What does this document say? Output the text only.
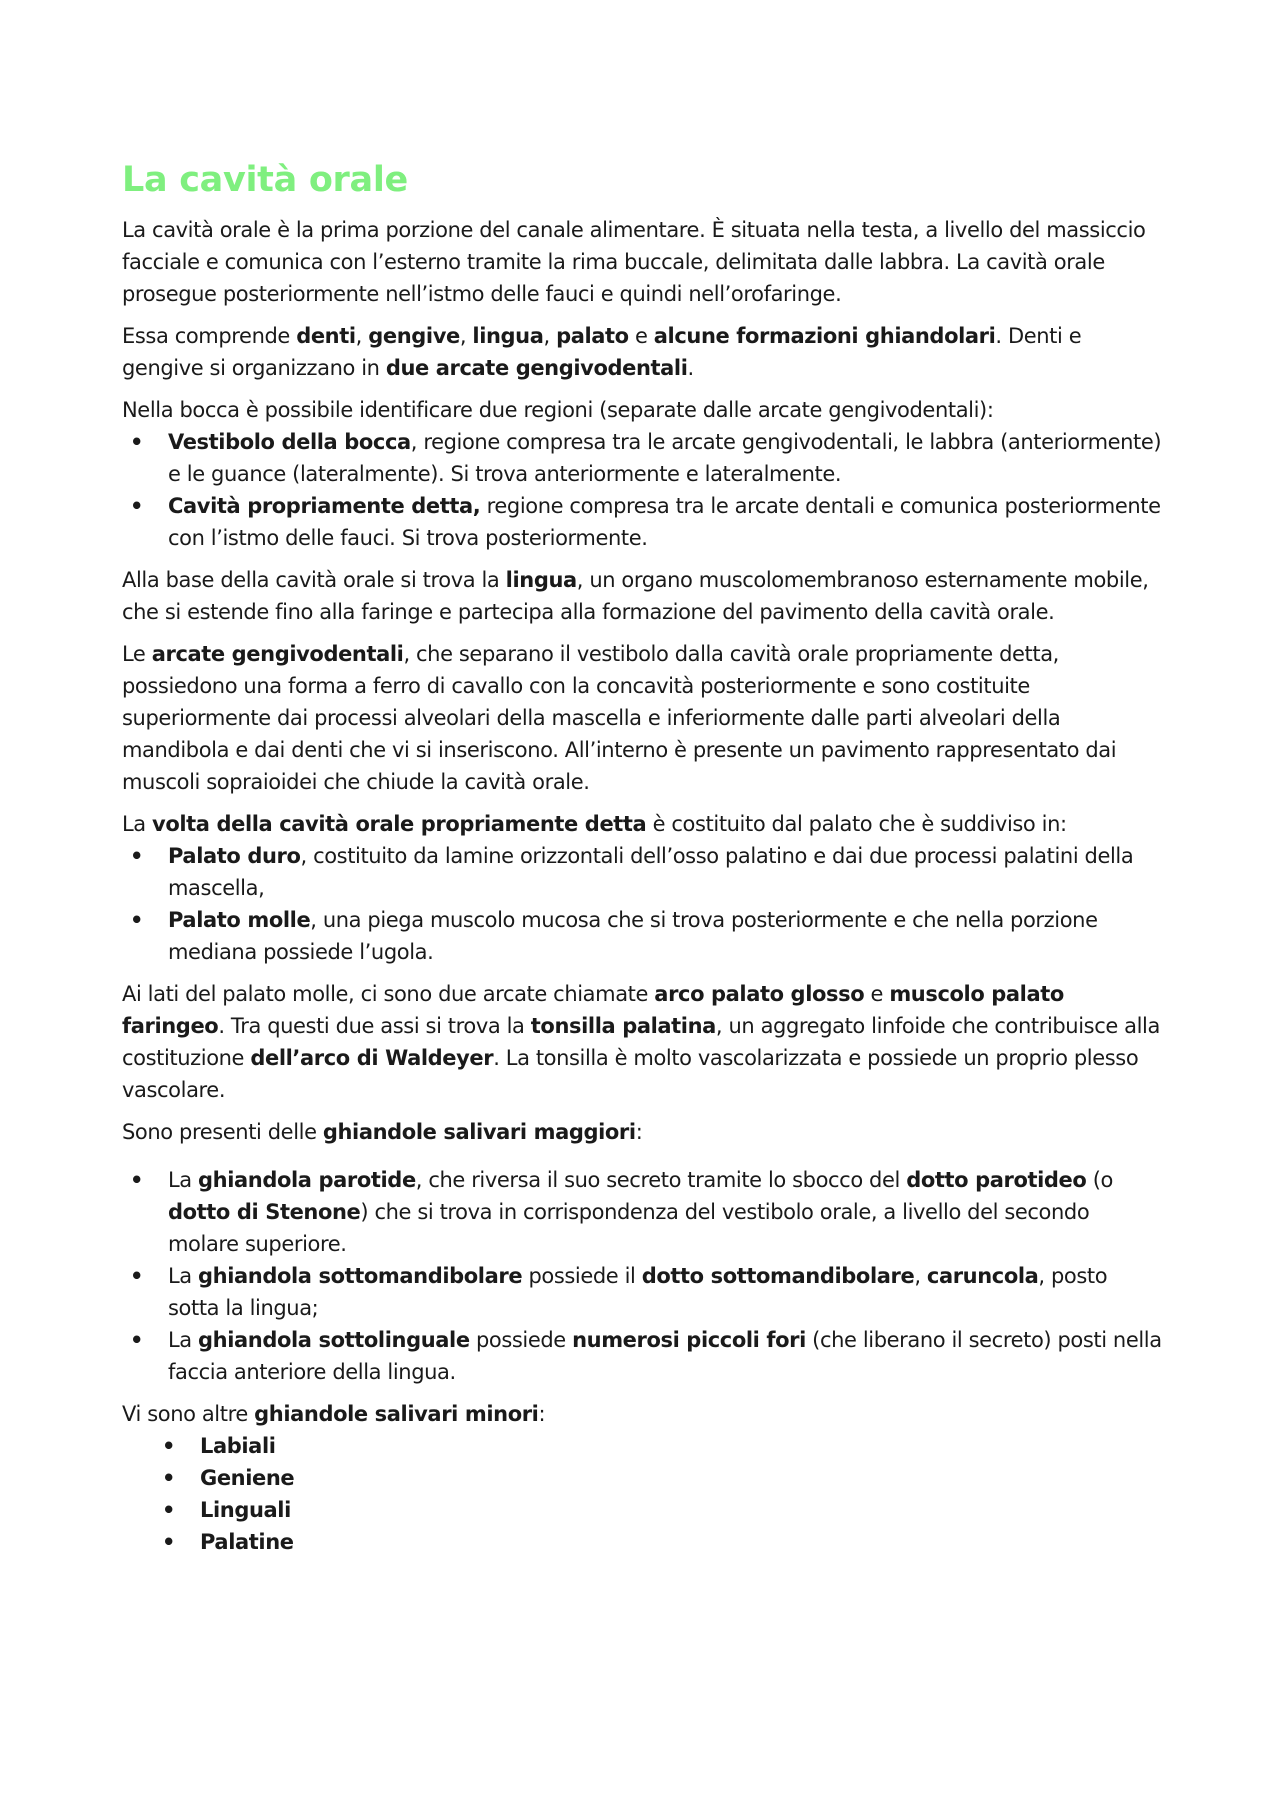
La cavità orale

La cavità orale è la prima porzione del canale alimentare. È situata nella testa, a livello del massiccio facciale e comunica con l’esterno tramite la rima buccale, delimitata dalle labbra. La cavità orale prosegue posteriormente nell’istmo delle fauci e quindi nell’orofaringe.

Essa comprende denti, gengive, lingua, palato e alcune formazioni ghiandolari. Denti e gengive si organizzano in due arcate gengivodentali.

Nella bocca è possibile identificare due regioni (separate dalle arcate gengivodentali):

• Vestibolo della bocca, regione compresa tra le arcate gengivodentali, le labbra (anteriormente) e le guance (lateralmente). Si trova anteriormente e lateralmente.
• Cavità propriamente detta, regione compresa tra le arcate dentali e comunica posteriormente con l’istmo delle fauci. Si trova posteriormente.

Alla base della cavità orale si trova la lingua, un organo muscolomembranoso esternamente mobile, che si estende fino alla faringe e partecipa alla formazione del pavimento della cavità orale.

Le arcate gengivodentali, che separano il vestibolo dalla cavità orale propriamente detta, possiedono una forma a ferro di cavallo con la concavità posteriormente e sono costituite superiormente dai processi alveolari della mascella e inferiormente dalle parti alveolari della mandibola e dai denti che vi si inseriscono. All’interno è presente un pavimento rappresentato dai muscoli sopraioidei che chiude la cavità orale.

La volta della cavità orale propriamente detta è costituito dal palato che è suddiviso in:

• Palato duro, costituito da lamine orizzontali dell’osso palatino e dai due processi palatini della mascella,
• Palato molle, una piega muscolo mucosa che si trova posteriormente e che nella porzione mediana possiede l’ugola.

Ai lati del palato molle, ci sono due arcate chiamate arco palato glosso e muscolo palato faringeo. Tra questi due assi si trova la tonsilla palatina, un aggregato linfoide che contribuisce alla costituzione dell’arco di Waldeyer. La tonsilla è molto vascolarizzata e possiede un proprio plesso vascolare.

Sono presenti delle ghiandole salivari maggiori:

• La ghiandola parotide, che riversa il suo secreto tramite lo sbocco del dotto parotideo (o dotto di Stenone) che si trova in corrispondenza del vestibolo orale, a livello del secondo molare superiore.
• La ghiandola sottomandibolare possiede il dotto sottomandibolare, caruncola, posto sotta la lingua;
• La ghiandola sottolinguale possiede numerosi piccoli fori (che liberano il secreto) posti nella faccia anteriore della lingua.

Vi sono altre ghiandole salivari minori:

• Labiali
• Geniene
• Linguali
• Palatine
